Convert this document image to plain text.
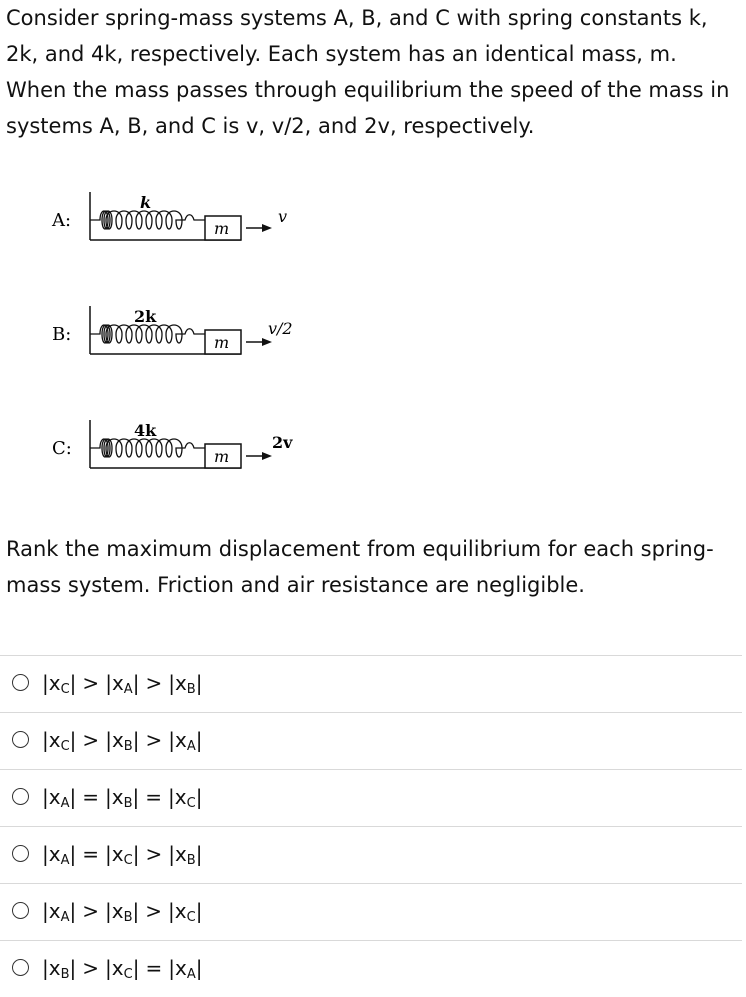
Consider spring-mass systems A, B, and C with spring constants k, 2k, and 4k, respectively. Each system has an identical mass, m. When the mass passes through equilibrium the speed of the mass in systems A, B, and C is v, v/2, and 2v, respectively.

A:
k
m
v
B:
2k
m
v/2
C:
4k
m
2v

Rank the maximum displacement from equilibrium for each spring-mass system. Friction and air resistance are negligible.

$|x_C| > |x_A| > |x_B|$
$|x_C| > |x_B| > |x_A|$
$|x_A| = |x_B| = |x_C|$
$|x_A| = |x_C| > |x_B|$
$|x_A| > |x_B| > |x_C|$
$|x_B| > |x_C| = |x_A|$
